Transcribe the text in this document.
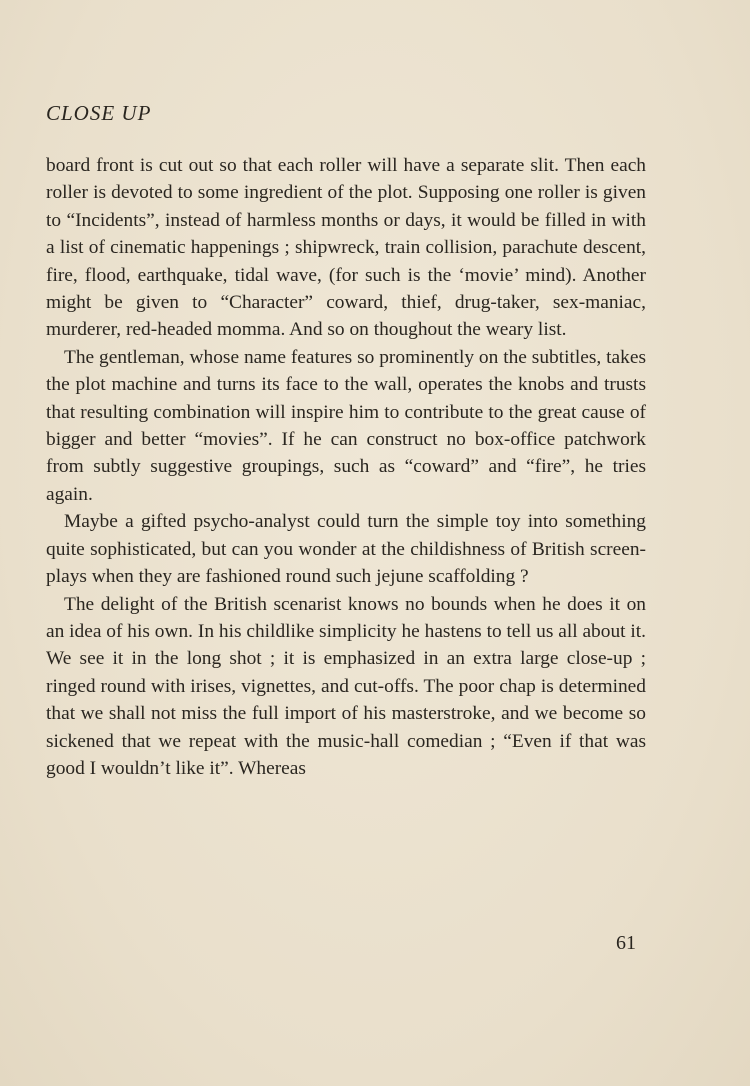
CLOSE UP

board front is cut out so that each roller will have a separate slit. Then each roller is devoted to some ingredient of the plot. Supposing one roller is given to “Incidents”, instead of harmless months or days, it would be filled in with a list of cinematic happenings ; shipwreck, train collision, parachute descent, fire, flood, earthquake, tidal wave, (for such is the ‘movie’ mind). Another might be given to “Character” coward, thief, drug-taker, sex-maniac, murderer, red-headed momma. And so on thoughout the weary list.

The gentleman, whose name features so prominently on the subtitles, takes the plot machine and turns its face to the wall, operates the knobs and trusts that resulting combination will inspire him to contribute to the great cause of bigger and better “movies”. If he can construct no box-office patchwork from subtly suggestive groupings, such as “coward” and “fire”, he tries again.

Maybe a gifted psycho-analyst could turn the simple toy into something quite sophisticated, but can you wonder at the childishness of British screen-plays when they are fashioned round such jejune scaffolding ?

The delight of the British scenarist knows no bounds when he does it on an idea of his own. In his childlike simplicity he hastens to tell us all about it. We see it in the long shot ; it is emphasized in an extra large close-up ; ringed round with irises, vignettes, and cut-offs. The poor chap is determined that we shall not miss the full import of his masterstroke, and we become so sickened that we repeat with the music-hall comedian ; “Even if that was good I wouldn’t like it”. Whereas

61
